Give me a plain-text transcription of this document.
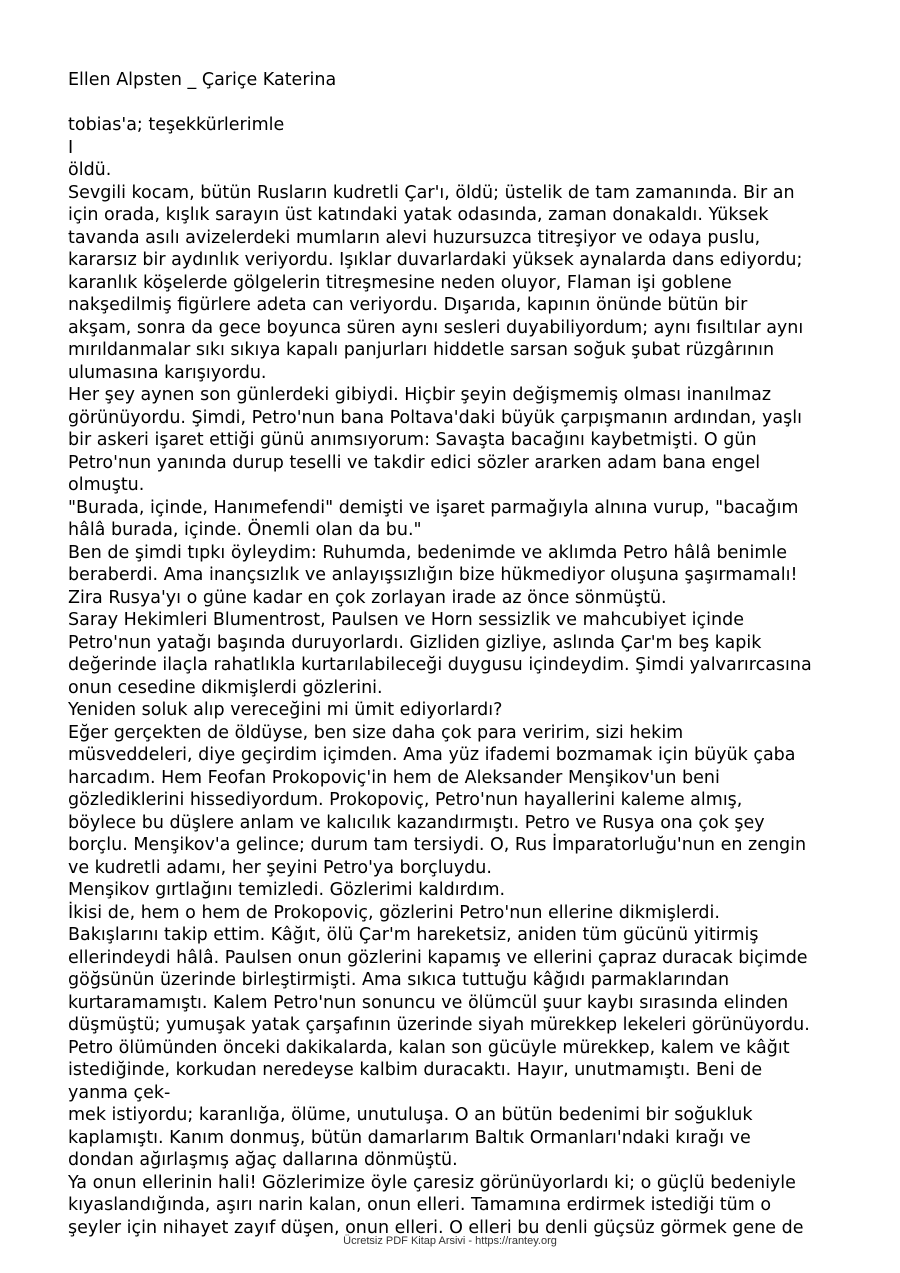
Ellen Alpsten _ Çariçe Katerina
tobias'a; teşekkürlerimle
I
öldü.
Sevgili kocam, bütün Rusların kudretli Çar'ı, öldü; üstelik de tam zamanında. Bir an
için orada, kışlık sarayın üst katındaki yatak odasında, zaman donakaldı. Yüksek
tavanda asılı avizelerdeki mumların alevi huzursuzca titreşiyor ve odaya puslu,
kararsız bir aydınlık veriyordu. Işıklar duvarlardaki yüksek aynalarda dans ediyordu;
karanlık köşelerde gölgelerin titreşmesine neden oluyor, Flaman işi goblene
nakşedilmiş figürlere adeta can veriyordu. Dışarıda, kapının önünde bütün bir
akşam, sonra da gece boyunca süren aynı sesleri duyabiliyordum; aynı fısıltılar aynı
mırıldanmalar sıkı sıkıya kapalı panjurları hiddetle sarsan soğuk şubat rüzgârının
ulumasına karışıyordu.
Her şey aynen son günlerdeki gibiydi. Hiçbir şeyin değişmemiş olması inanılmaz
görünüyordu. Şimdi, Petro'nun bana Poltava'daki büyük çarpışmanın ardından, yaşlı
bir askeri işaret ettiği günü anımsıyorum: Savaşta bacağını kaybetmişti. O gün
Petro'nun yanında durup teselli ve takdir edici sözler ararken adam bana engel
olmuştu.
"Burada, içinde, Hanımefendi" demişti ve işaret parmağıyla alnına vurup, "bacağım
hâlâ burada, içinde. Önemli olan da bu."
Ben de şimdi tıpkı öyleydim: Ruhumda, bedenimde ve aklımda Petro hâlâ benimle
beraberdi. Ama inançsızlık ve anlayışsızlığın bize hükmediyor oluşuna şaşırmamalı!
Zira Rusya'yı o güne kadar en çok zorlayan irade az önce sönmüştü.
Saray Hekimleri Blumentrost, Paulsen ve Horn sessizlik ve mahcubiyet içinde
Petro'nun yatağı başında duruyorlardı. Gizliden gizliye, aslında Çar'm beş kapik
değerinde ilaçla rahatlıkla kurtarılabileceği duygusu içindeydim. Şimdi yalvarırcasına
onun cesedine dikmişlerdi gözlerini.
Yeniden soluk alıp vereceğini mi ümit ediyorlardı?
Eğer gerçekten de öldüyse, ben size daha çok para veririm, sizi hekim
müsveddeleri, diye geçirdim içimden. Ama yüz ifademi bozmamak için büyük çaba
harcadım. Hem Feofan Prokopoviç'in hem de Aleksander Menşikov'un beni
gözlediklerini hissediyordum. Prokopoviç, Petro'nun hayallerini kaleme almış,
böylece bu düşlere anlam ve kalıcılık kazandırmıştı. Petro ve Rusya ona çok şey
borçlu. Menşikov'a gelince; durum tam tersiydi. O, Rus İmparatorluğu'nun en zengin
ve kudretli adamı, her şeyini Petro'ya borçluydu.
Menşikov gırtlağını temizledi. Gözlerimi kaldırdım.
İkisi de, hem o hem de Prokopoviç, gözlerini Petro'nun ellerine dikmişlerdi.
Bakışlarını takip ettim. Kâğıt, ölü Çar'm hareketsiz, aniden tüm gücünü yitirmiş
ellerindeydi hâlâ. Paulsen onun gözlerini kapamış ve ellerini çapraz duracak biçimde
göğsünün üzerinde birleştirmişti. Ama sıkıca tuttuğu kâğıdı parmaklarından
kurtaramamıştı. Kalem Petro'nun sonuncu ve ölümcül şuur kaybı sırasında elinden
düşmüştü; yumuşak yatak çarşafının üzerinde siyah mürekkep lekeleri görünüyordu.
Petro ölümünden önceki dakikalarda, kalan son gücüyle mürekkep, kalem ve kâğıt
istediğinde, korkudan neredeyse kalbim duracaktı. Hayır, unutmamıştı. Beni de
yanma çek-
mek istiyordu; karanlığa, ölüme, unutuluşa. O an bütün bedenimi bir soğukluk
kaplamıştı. Kanım donmuş, bütün damarlarım Baltık Ormanları'ndaki kırağı ve
dondan ağırlaşmış ağaç dallarına dönmüştü.
Ya onun ellerinin hali! Gözlerimize öyle çaresiz görünüyorlardı ki; o güçlü bedeniyle
kıyaslandığında, aşırı narin kalan, onun elleri. Tamamına erdirmek istediği tüm o
şeyler için nihayet zayıf düşen, onun elleri. O elleri bu denli güçsüz görmek gene de
Ücretsiz PDF Kitap Arsivi - https://rantey.org
